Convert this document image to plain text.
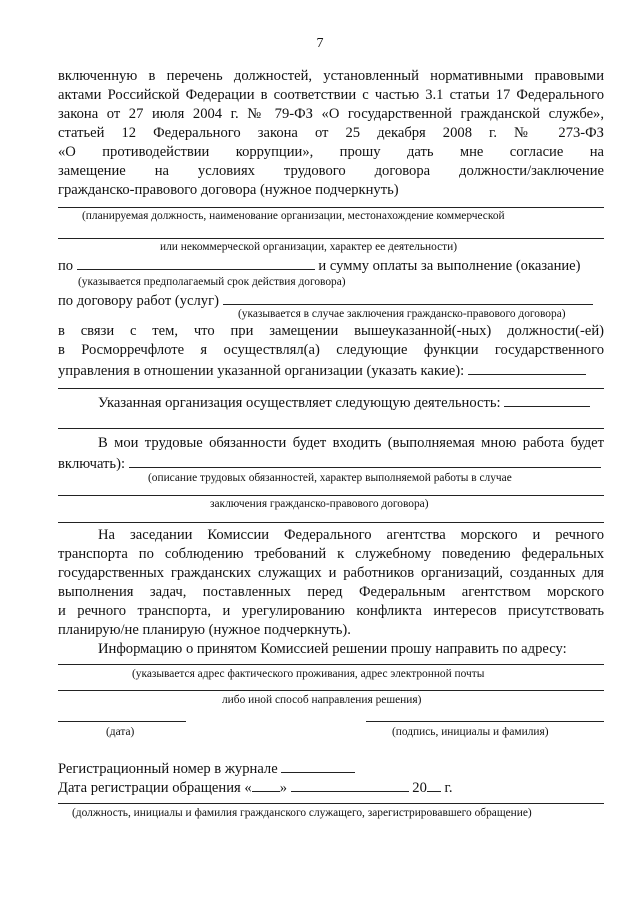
7
включенную в перечень должностей, установленный нормативными правовыми
актами Российской Федерации в соответствии с частью 3.1 статьи 17 Федерального
закона от 27 июля 2004 г. № 79-ФЗ «О государственной гражданской службе»,
статьей 12 Федерального закона от 25 декабря 2008 г. № 273-ФЗ
«О противодействии коррупции», прошу дать мне согласие на
замещение на условиях трудового договора должности/заключение
гражданско-правового договора (нужное подчеркнуть)
(планируемая должность, наименование организации, местонахождение коммерческой
или некоммерческой организации, характер ее деятельности)
по	и сумму оплаты за выполнение (оказание)
(указывается предполагаемый срок действия договора)
по договору работ (услуг)
(указывается в случае заключения гражданско-правового договора)
в связи с тем, что при замещении вышеуказанной(-ных) должности(-ей)
в Росморречфлоте я осуществлял(а) следующие функции государственного
управления в отношении указанной организации (указать какие):
Указанная организация осуществляет следующую деятельность:
В мои трудовые обязанности будет входить (выполняемая мною работа будет
включать):
(описание трудовых обязанностей, характер выполняемой работы в случае
заключения гражданско-правового договора)
На заседании Комиссии Федерального агентства морского и речного
транспорта по соблюдению требований к служебному поведению федеральных
государственных гражданских служащих и работников организаций, созданных для
выполнения задач, поставленных перед Федеральным агентством морского
и речного транспорта, и урегулированию конфликта интересов присутствовать
планирую/не планирую (нужное подчеркнуть).
Информацию о принятом Комиссией решении прошу направить по адресу:
(указывается адрес фактического проживания, адрес электронной почты
либо иной способ направления решения)
(дата)	(подпись, инициалы и фамилия)
Регистрационный номер в журнале
Дата регистрации обращения « »	20 г.
(должность, инициалы и фамилия гражданского служащего, зарегистрировавшего обращение)
